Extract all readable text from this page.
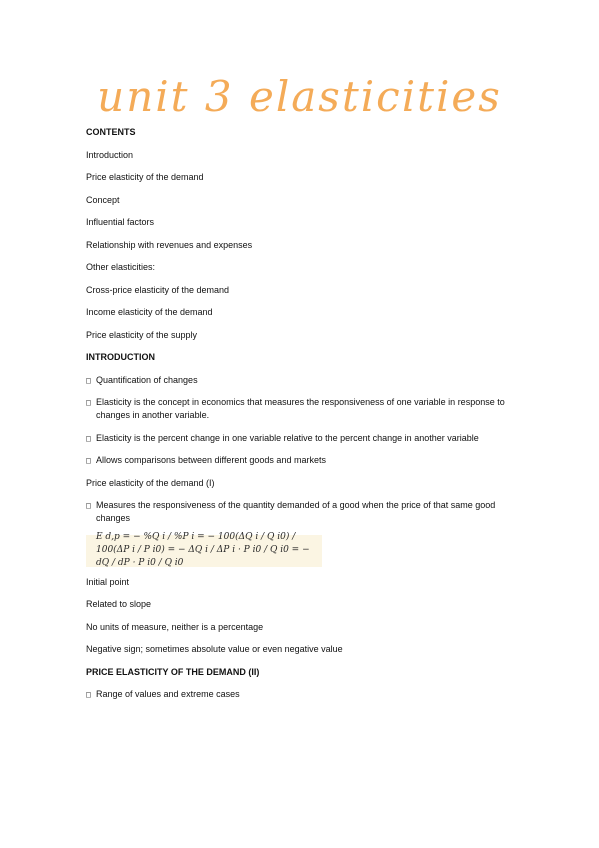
unit 3 elasticities
CONTENTS
Introduction
Price elasticity of the demand
Concept
Influential factors
Relationship with revenues and expenses
Other elasticities:
Cross-price elasticity of the demand
Income elasticity of the demand
Price elasticity of the supply
INTRODUCTION
□ Quantification of changes
□ Elasticity is the concept in economics that measures the responsiveness of one variable in response to changes in another variable.
□ Elasticity is the percent change in one variable relative to the percent change in another variable
□ Allows comparisons between different goods and markets
Price elasticity of the demand (I)
□ Measures the responsiveness of the quantity demanded of a good when the price of that same good changes
E d,p = − %Q i / %P i = − 100(ΔQ i / Q i0) / 100(ΔP i / P i0) = − ΔQ i / ΔP i · P i0 / Q i0 = − dQ / dP · P i0 / Q i0
Initial point
Related to slope
No units of measure, neither is a percentage
Negative sign; sometimes absolute value or even negative value
PRICE ELASTICITY OF THE DEMAND (II)
□ Range of values and extreme cases
